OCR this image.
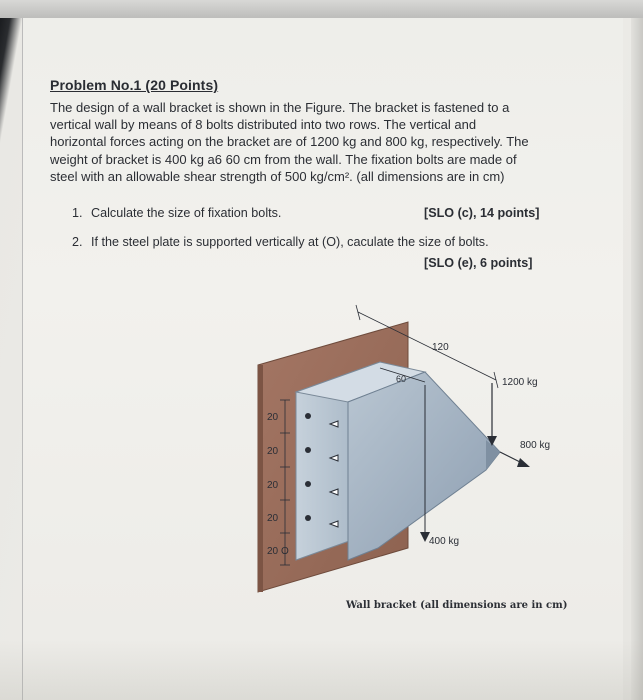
Problem No.1 (20 Points)
The design of a wall bracket is shown in the Figure. The bracket is fastened to a
vertical wall by means of 8 bolts distributed into two rows. The vertical and
horizontal forces acting on the bracket are of 1200 kg and 800 kg, respectively. The
weight of bracket is 400 kg a6 60 cm from the wall. The fixation bolts are made of
steel with an allowable shear strength of 500 kg/cm². (all dimensions are in cm)
1. Calculate the size of fixation bolts.	[SLO (c), 14 points]
2. If the steel plate is supported vertically at (O), caculate the size of bolts.
[SLO (e), 6 points]
20
20
20
20
20 O
120
60	1200 kg
800 kg
400 kg
Wall bracket (all dimensions are in cm)
